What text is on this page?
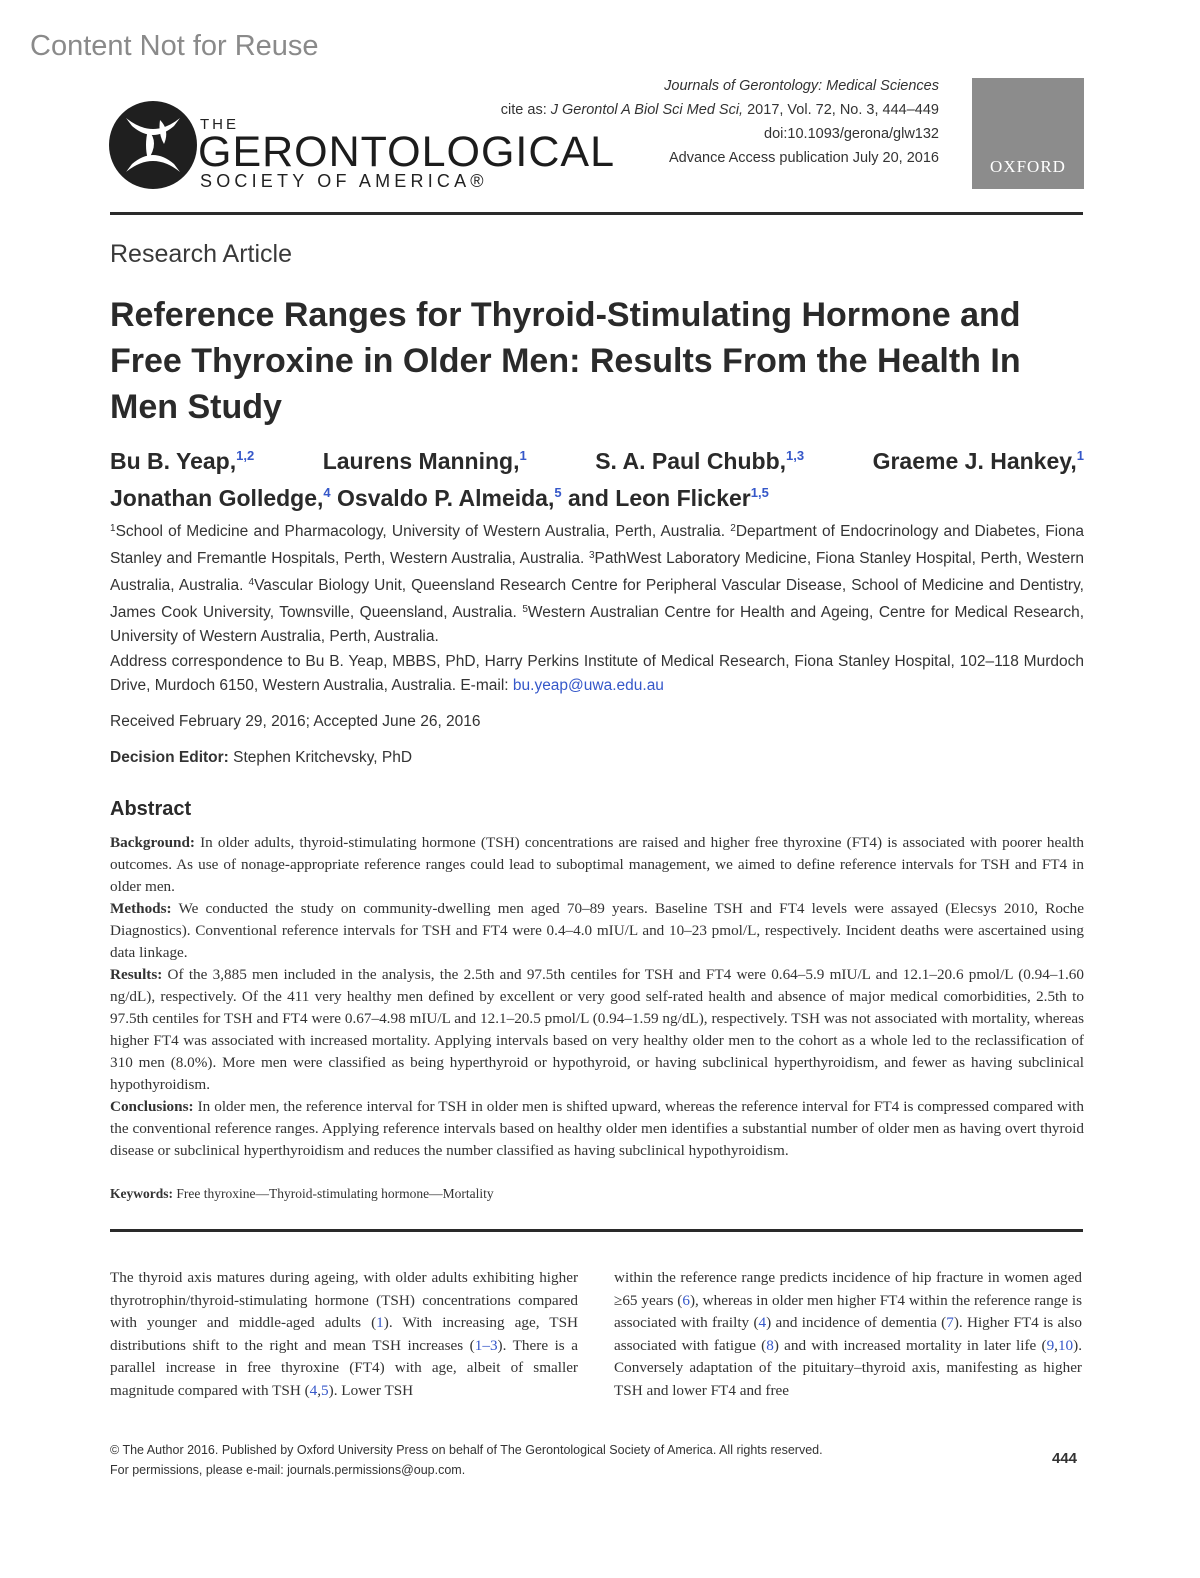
Content Not for Reuse
THE
GERONTOLOGICAL
SOCIETY OF AMERICA®
Journals of Gerontology: Medical Sciences
cite as: J Gerontol A Biol Sci Med Sci, 2017, Vol. 72, No. 3, 444–449
doi:10.1093/gerona/glw132
Advance Access publication July 20, 2016	OXFORD
Research Article
Reference Ranges for Thyroid-Stimulating Hormone and Free Thyroxine in Older Men: Results From the Health In Men Study
Bu B. Yeap,$^{1,2}$	Laurens Manning,$^1$	S. A. Paul Chubb,$^{1,3}$	Graeme J. Hankey,$^1$
Jonathan Golledge,$^4$ Osvaldo P. Almeida,$^5$ and Leon Flicker$^{1,5}$
$^1$School of Medicine and Pharmacology, University of Western Australia, Perth, Australia. $^2$Department of Endocrinology and Diabetes, Fiona Stanley and Fremantle Hospitals, Perth, Western Australia, Australia. $^3$PathWest Laboratory Medicine, Fiona Stanley Hospital, Perth, Western Australia, Australia. $^4$Vascular Biology Unit, Queensland Research Centre for Peripheral Vascular Disease, School of Medicine and Dentistry, James Cook University, Townsville, Queensland, Australia. $^5$Western Australian Centre for Health and Ageing, Centre for Medical Research, University of Western Australia, Perth, Australia.
Address correspondence to Bu B. Yeap, MBBS, PhD, Harry Perkins Institute of Medical Research, Fiona Stanley Hospital, 102–118 Murdoch Drive, Murdoch 6150, Western Australia, Australia. E-mail: bu.yeap@uwa.edu.au
Received February 29, 2016; Accepted June 26, 2016
Decision Editor: Stephen Kritchevsky, PhD
Abstract

Background: In older adults, thyroid-stimulating hormone (TSH) concentrations are raised and higher free thyroxine (FT4) is associated with poorer health outcomes. As use of nonage-appropriate reference ranges could lead to suboptimal management, we aimed to define reference intervals for TSH and FT4 in older men.

Methods: We conducted the study on community-dwelling men aged 70–89 years. Baseline TSH and FT4 levels were assayed (Elecsys 2010, Roche Diagnostics). Conventional reference intervals for TSH and FT4 were 0.4–4.0 mIU/L and 10–23 pmol/L, respectively. Incident deaths were ascertained using data linkage.

Results: Of the 3,885 men included in the analysis, the 2.5th and 97.5th centiles for TSH and FT4 were 0.64–5.9 mIU/L and 12.1–20.6 pmol/L (0.94–1.60 ng/dL), respectively. Of the 411 very healthy men defined by excellent or very good self-rated health and absence of major medical comorbidities, 2.5th to 97.5th centiles for TSH and FT4 were 0.67–4.98 mIU/L and 12.1–20.5 pmol/L (0.94–1.59 ng/dL), respectively. TSH was not associated with mortality, whereas higher FT4 was associated with increased mortality. Applying intervals based on very healthy older men to the cohort as a whole led to the reclassification of 310 men (8.0%). More men were classified as being hyperthyroid or hypothyroid, or having subclinical hyperthyroidism, and fewer as having subclinical hypothyroidism.

Conclusions: In older men, the reference interval for TSH in older men is shifted upward, whereas the reference interval for FT4 is compressed compared with the conventional reference ranges. Applying reference intervals based on healthy older men identifies a substantial number of older men as having overt thyroid disease or subclinical hyperthyroidism and reduces the number classified as having subclinical hypothyroidism.

Keywords: Free thyroxine—Thyroid-stimulating hormone—Mortality
The thyroid axis matures during ageing, with older adults exhibiting higher thyrotrophin/thyroid-stimulating hormone (TSH) concentrations compared with younger and middle-aged adults (1). With increasing age, TSH distributions shift to the right and mean TSH increases (1–3). There is a parallel increase in free thyroxine (FT4) with age, albeit of smaller magnitude compared with TSH (4,5). Lower TSH
within the reference range predicts incidence of hip fracture in women aged ≥65 years (6), whereas in older men higher FT4 within the reference range is associated with frailty (4) and incidence of dementia (7). Higher FT4 is also associated with fatigue (8) and with increased mortality in later life (9,10). Conversely adaptation of the pituitary–thyroid axis, manifesting as higher TSH and lower FT4 and free
© The Author 2016. Published by Oxford University Press on behalf of The Gerontological Society of America. All rights reserved.
For permissions, please e-mail: journals.permissions@oup.com.
444
